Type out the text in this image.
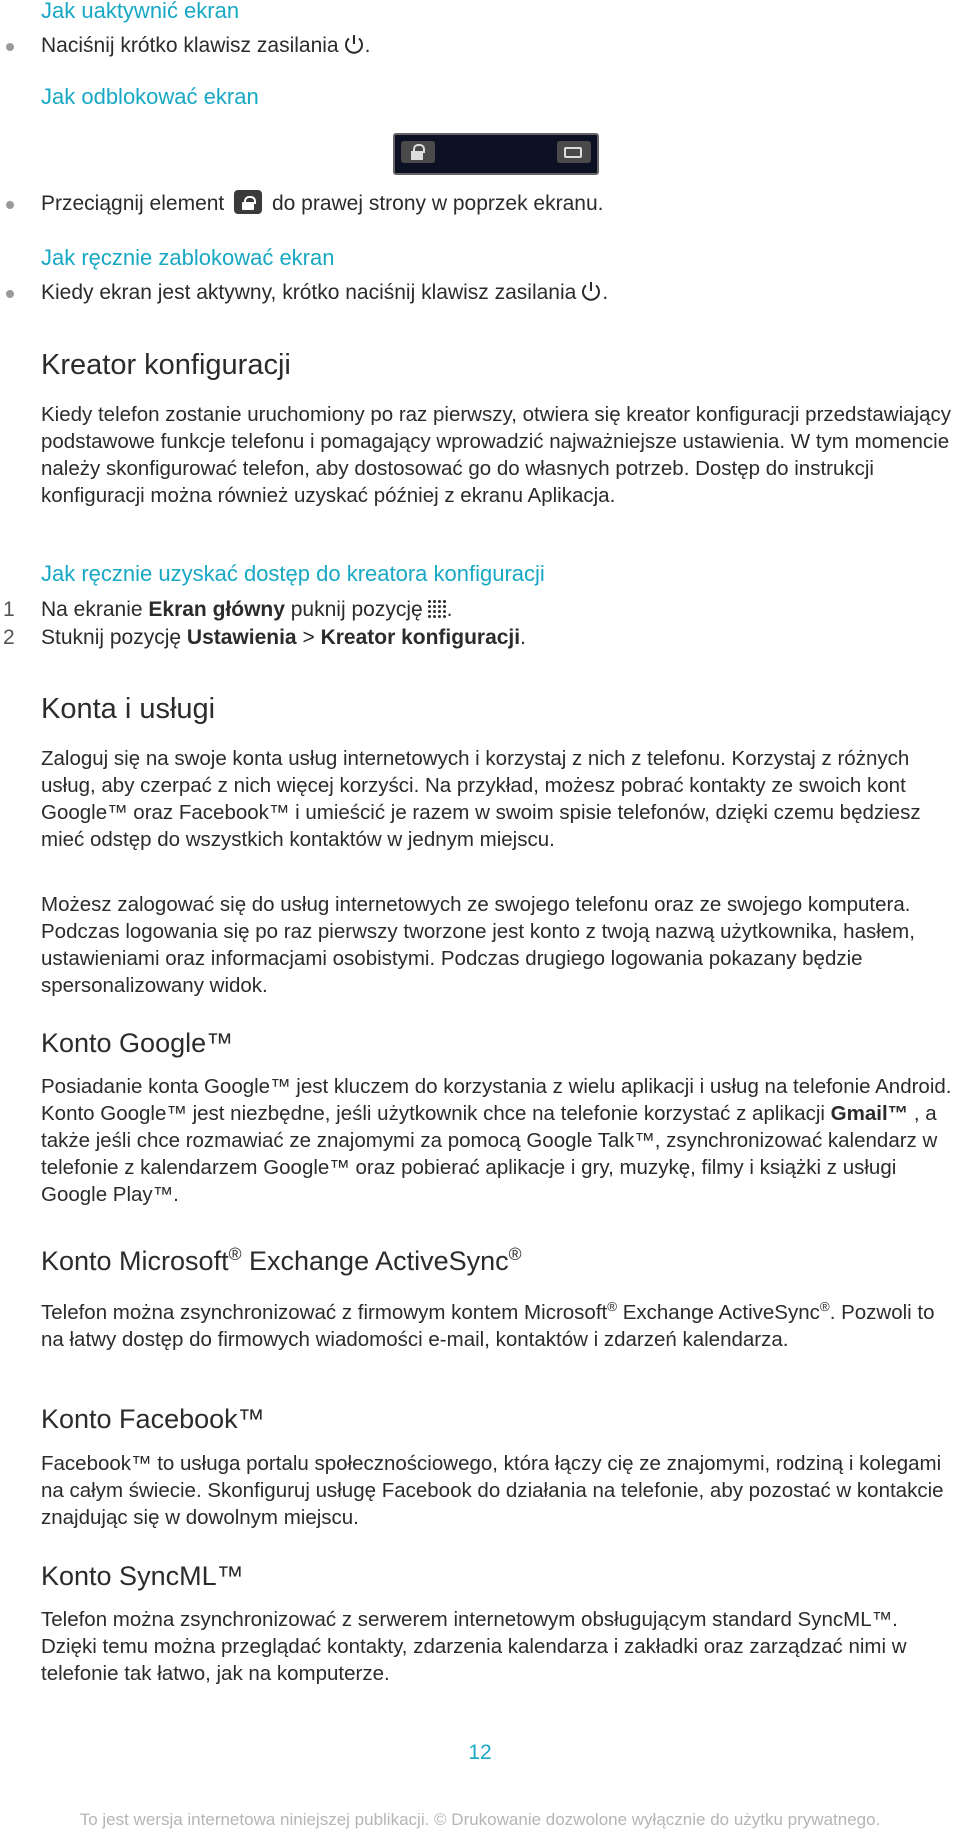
Jak uaktywnić ekran
Naciśnij krótko klawisz zasilania .
Jak odblokować ekran
Przeciągnij element do prawej strony w poprzek ekranu.
Jak ręcznie zablokować ekran
Kiedy ekran jest aktywny, krótko naciśnij klawisz zasilania .
Kreator konfiguracji

Kiedy telefon zostanie uruchomiony po raz pierwszy, otwiera się kreator konfiguracji przedstawiający podstawowe funkcje telefonu i pomagający wprowadzić najważniejsze ustawienia. W tym momencie należy skonfigurować telefon, aby dostosować go do własnych potrzeb. Dostęp do instrukcji konfiguracji można również uzyskać później z ekranu Aplikacja.

Jak ręcznie uzyskać dostęp do kreatora konfiguracji
1 Na ekranie Ekran główny puknij pozycję .
2 Stuknij pozycję Ustawienia > Kreator konfiguracji.
Konta i usługi

Zaloguj się na swoje konta usług internetowych i korzystaj z nich z telefonu. Korzystaj z różnych usług, aby czerpać z nich więcej korzyści. Na przykład, możesz pobrać kontakty ze swoich kont Google™ oraz Facebook™ i umieścić je razem w swoim spisie telefonów, dzięki czemu będziesz mieć odstęp do wszystkich kontaktów w jednym miejscu.

Możesz zalogować się do usług internetowych ze swojego telefonu oraz ze swojego komputera. Podczas logowania się po raz pierwszy tworzone jest konto z twoją nazwą użytkownika, hasłem, ustawieniami oraz informacjami osobistymi. Podczas drugiego logowania pokazany będzie spersonalizowany widok.

Konto Google™

Posiadanie konta Google™ jest kluczem do korzystania z wielu aplikacji i usług na telefonie Android. Konto Google™ jest niezbędne, jeśli użytkownik chce na telefonie korzystać z aplikacji Gmail™ , a także jeśli chce rozmawiać ze znajomymi za pomocą Google Talk™, zsynchronizować kalendarz w telefonie z kalendarzem Google™ oraz pobierać aplikacje i gry, muzykę, filmy i książki z usługi Google Play™.

Konto Microsoft® Exchange ActiveSync®

Telefon można zsynchronizować z firmowym kontem Microsoft® Exchange ActiveSync®. Pozwoli to na łatwy dostęp do firmowych wiadomości e-mail, kontaktów i zdarzeń kalendarza.

Konto Facebook™

Facebook™ to usługa portalu społecznościowego, która łączy cię ze znajomymi, rodziną i kolegami na całym świecie. Skonfiguruj usługę Facebook do działania na telefonie, aby pozostać w kontakcie znajdując się w dowolnym miejscu.

Konto SyncML™

Telefon można zsynchronizować z serwerem internetowym obsługującym standard SyncML™. Dzięki temu można przeglądać kontakty, zdarzenia kalendarza i zakładki oraz zarządzać nimi w telefonie tak łatwo, jak na komputerze.

12
To jest wersja internetowa niniejszej publikacji. © Drukowanie dozwolone wyłącznie do użytku prywatnego.
